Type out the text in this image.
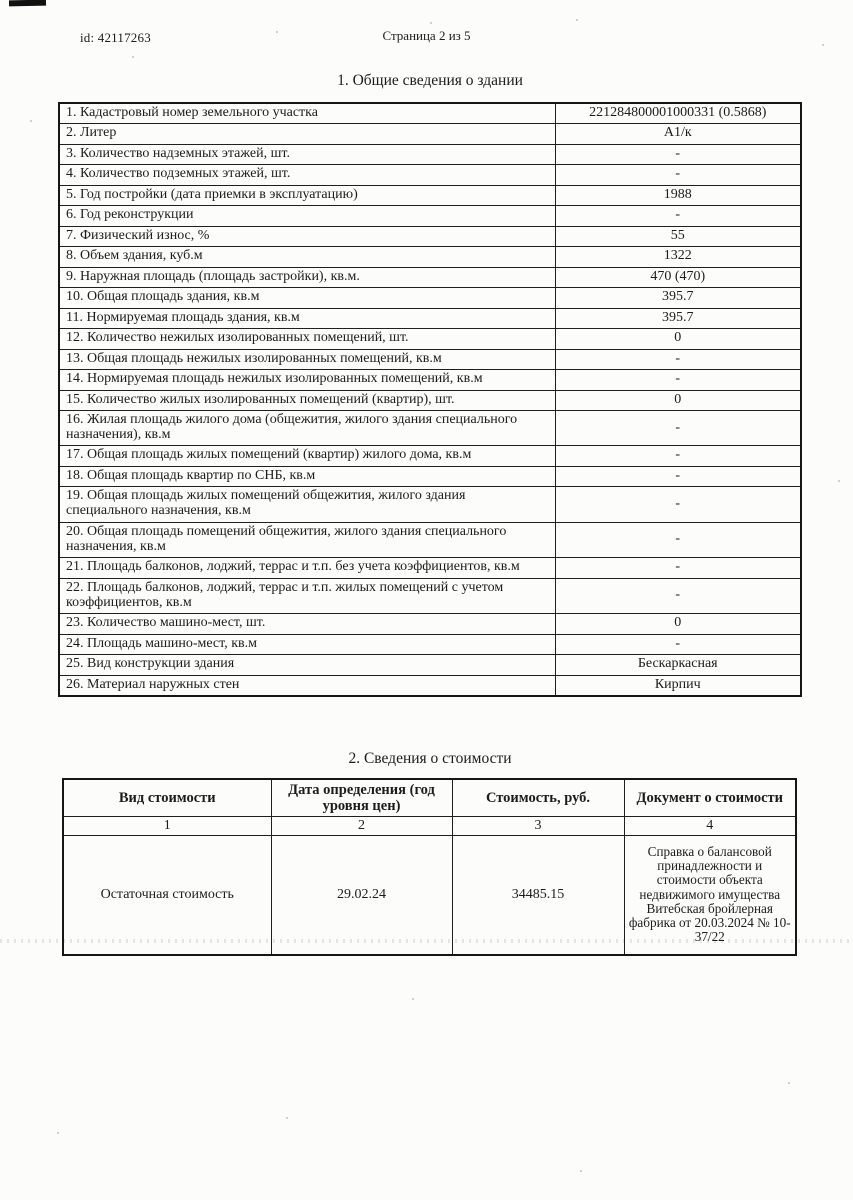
id: 42117263	Страница 2 из 5
1. Общие сведения о здании
1. Кадастровый номер земельного участка	221284800001000331 (0.5868)
2. Литер	А1/к
3. Количество надземных этажей, шт.	-
4. Количество подземных этажей, шт.	-
5. Год постройки (дата приемки в эксплуатацию)	1988
6. Год реконструкции	-
7. Физический износ, %	55
8. Объем здания, куб.м	1322
9. Наружная площадь (площадь застройки), кв.м.	470 (470)
10. Общая площадь здания, кв.м	395.7
11. Нормируемая площадь здания, кв.м	395.7
12. Количество нежилых изолированных помещений, шт.	0
13. Общая площадь нежилых изолированных помещений, кв.м	-
14. Нормируемая площадь нежилых изолированных помещений, кв.м	-
15. Количество жилых изолированных помещений (квартир), шт.	0
16. Жилая площадь жилого дома (общежития, жилого здания специального назначения), кв.м	-
17. Общая площадь жилых помещений (квартир) жилого дома, кв.м	-
18. Общая площадь квартир по СНБ, кв.м	-
19. Общая площадь жилых помещений общежития, жилого здания специального назначения, кв.м	-
20. Общая площадь помещений общежития, жилого здания специального назначения, кв.м	-
21. Площадь балконов, лоджий, террас и т.п. без учета коэффициентов, кв.м	-
22. Площадь балконов, лоджий, террас и т.п. жилых помещений с учетом коэффициентов, кв.м	-
23. Количество машино-мест, шт.	0
24. Площадь машино-мест, кв.м	-
25. Вид конструкции здания	Бескаркасная
26. Материал наружных стен	Кирпич
2. Сведения о стоимости
Вид стоимости	Дата определения (год уровня цен)	Стоимость, руб.	Документ о стоимости
1	2	3	4
Остаточная стоимость	29.02.24	34485.15	Справка о балансовой принадлежности и стоимости объекта недвижимого имущества Витебская бройлерная фабрика от 20.03.2024 № 10-37/22
